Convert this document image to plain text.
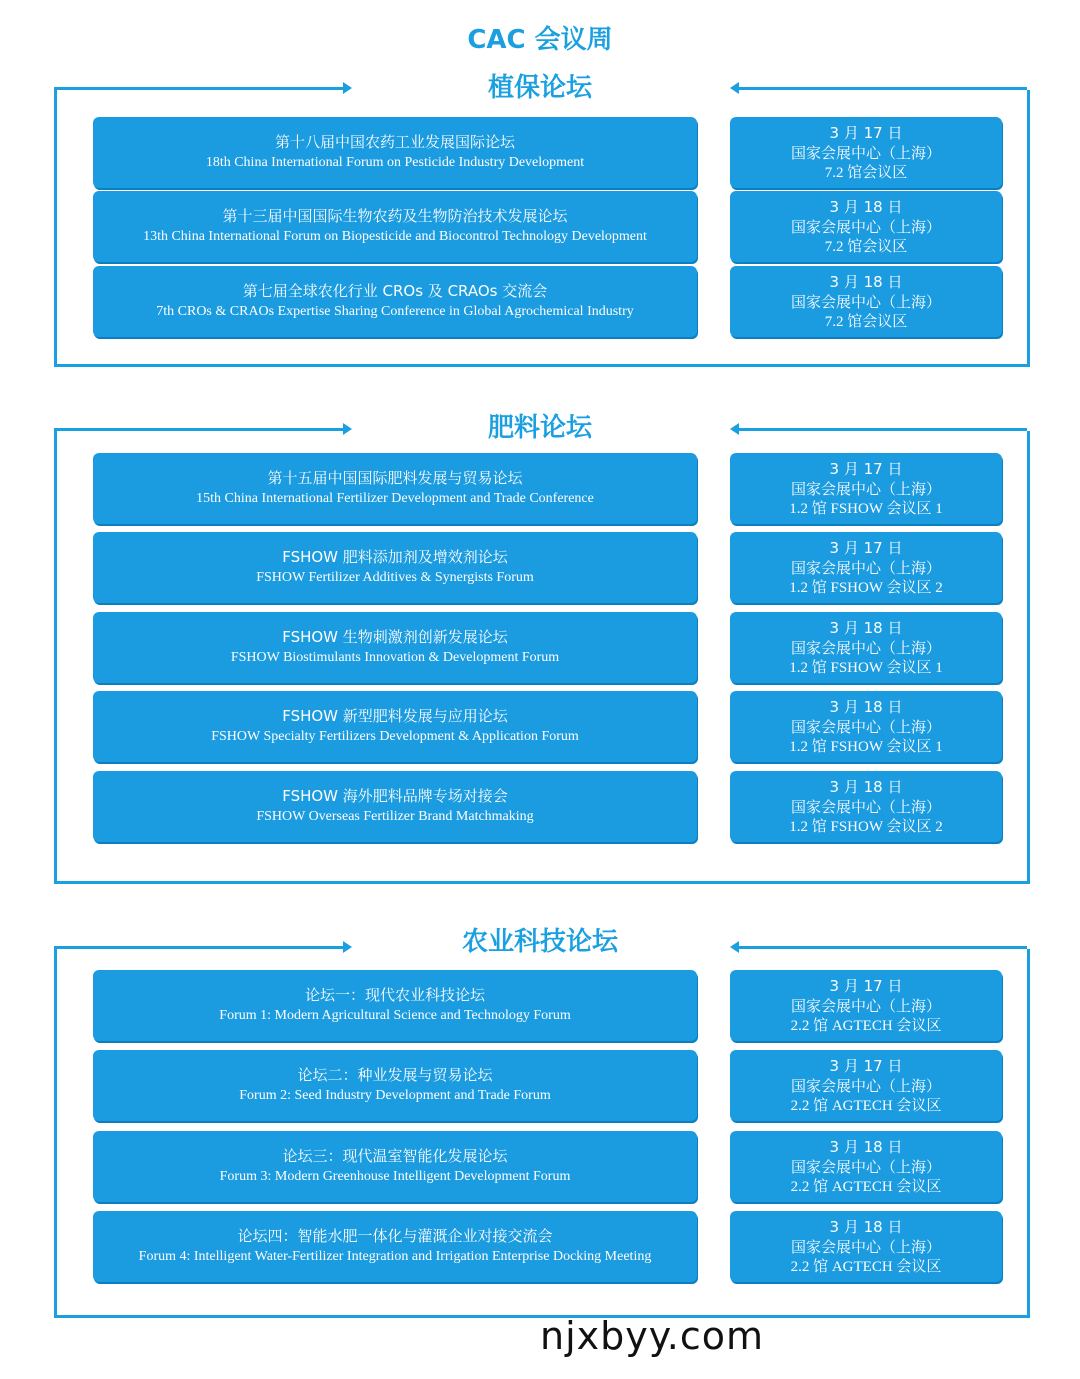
CAC 会议周
植保论坛
第十八届中国农药工业发展国际论坛
18th China International Forum on Pesticide Industry Development
3 月 17 日
国家会展中心（上海）
7.2 馆会议区
第十三届中国国际生物农药及生物防治技术发展论坛
13th China International Forum on Biopesticide and Biocontrol Technology Development
3 月 18 日
国家会展中心（上海）
7.2 馆会议区
第七届全球农化行业 CROs 及 CRAOs 交流会
7th CROs & CRAOs Expertise Sharing Conference in Global Agrochemical Industry
3 月 18 日
国家会展中心（上海）
7.2 馆会议区
肥料论坛
第十五届中国国际肥料发展与贸易论坛
15th China International Fertilizer Development and Trade Conference
3 月 17 日
国家会展中心（上海）
1.2 馆 FSHOW 会议区 1
FSHOW 肥料添加剂及增效剂论坛
FSHOW Fertilizer Additives & Synergists Forum
3 月 17 日
国家会展中心（上海）
1.2 馆 FSHOW 会议区 2
FSHOW 生物刺激剂创新发展论坛
FSHOW Biostimulants Innovation & Development Forum
3 月 18 日
国家会展中心（上海）
1.2 馆 FSHOW 会议区 1
FSHOW 新型肥料发展与应用论坛
FSHOW Specialty Fertilizers Development & Application Forum
3 月 18 日
国家会展中心（上海）
1.2 馆 FSHOW 会议区 1
FSHOW 海外肥料品牌专场对接会
FSHOW Overseas Fertilizer Brand Matchmaking
3 月 18 日
国家会展中心（上海）
1.2 馆 FSHOW 会议区 2
农业科技论坛
论坛一：现代农业科技论坛
Forum 1: Modern Agricultural Science and Technology Forum
3 月 17 日
国家会展中心（上海）
2.2 馆 AGTECH 会议区
论坛二：种业发展与贸易论坛
Forum 2: Seed Industry Development and Trade Forum
3 月 17 日
国家会展中心（上海）
2.2 馆 AGTECH 会议区
论坛三：现代温室智能化发展论坛
Forum 3: Modern Greenhouse Intelligent Development Forum
3 月 18 日
国家会展中心（上海）
2.2 馆 AGTECH 会议区
论坛四：智能水肥一体化与灌溉企业对接交流会
Forum 4: Intelligent Water-Fertilizer Integration and Irrigation Enterprise Docking Meeting
3 月 18 日
国家会展中心（上海）
2.2 馆 AGTECH 会议区
njxbyy.com
